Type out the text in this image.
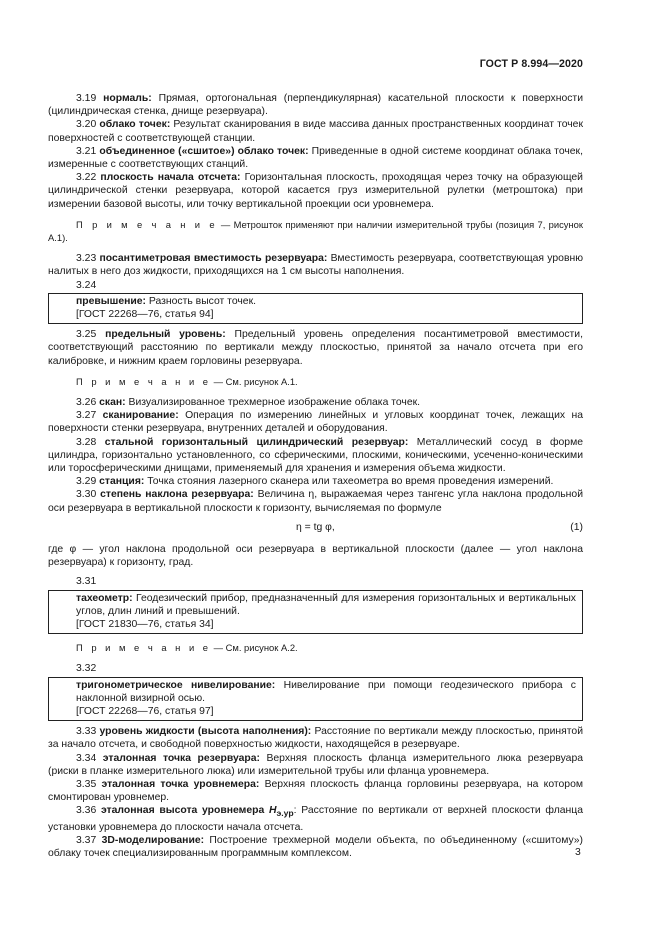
ГОСТ Р 8.994—2020

3.19 нормаль: Прямая, ортогональная (перпендикулярная) касательной плоскости к поверхности (цилиндрическая стенка, днище резервуара).

3.20 облако точек: Результат сканирования в виде массива данных пространственных координат точек поверхностей с соответствующей станции.

3.21 объединенное («сшитое») облако точек: Приведенные в одной системе координат облака точек, измеренные с соответствующих станций.

3.22 плоскость начала отсчета: Горизонтальная плоскость, проходящая через точку на образующей цилиндрической стенки резервуара, которой касается груз измерительной рулетки (метроштока) при измерении базовой высоты, или точку вертикальной проекции оси уровнемера.

П р и м е ч а н и е — Метрошток применяют при наличии измерительной трубы (позиция 7, рисунок А.1).

3.23 посантиметровая вместимость резервуара: Вместимость резервуара, соответствующая уровню налитых в него доз жидкости, приходящихся на 1 см высоты наполнения.

3.24

превышение: Разность высот точек.

[ГОСТ 22268—76, статья 94]

3.25 предельный уровень: Предельный уровень определения посантиметровой вместимости, соответствующий расстоянию по вертикали между плоскостью, принятой за начало отсчета при его калибровке, и нижним краем горловины резервуара.

П р и м е ч а н и е — См. рисунок А.1.

3.26 скан: Визуализированное трехмерное изображение облака точек.

3.27 сканирование: Операция по измерению линейных и угловых координат точек, лежащих на поверхности стенки резервуара, внутренних деталей и оборудования.

3.28 стальной горизонтальный цилиндрический резервуар: Металлический сосуд в форме цилиндра, горизонтально установленного, со сферическими, плоскими, коническими, усеченно-коническими или торосферическими днищами, применяемый для хранения и измерения объема жидкости.

3.29 станция: Точка стояния лазерного сканера или тахеометра во время проведения измерений.

3.30 степень наклона резервуара: Величина η, выражаемая через тангенс угла наклона продольной оси резервуара в вертикальной плоскости к горизонту, вычисляемая по формуле

η = tg φ,	(1)

где φ — угол наклона продольной оси резервуара в вертикальной плоскости (далее — угол наклона резервуара) к горизонту, град.

3.31

тахеометр: Геодезический прибор, предназначенный для измерения горизонтальных и вертикальных углов, длин линий и превышений.

[ГОСТ 21830—76, статья 34]

П р и м е ч а н и е — См. рисунок А.2.

3.32

тригонометрическое нивелирование: Нивелирование при помощи геодезического прибора с наклонной визирной осью.

[ГОСТ 22268—76, статья 97]

3.33 уровень жидкости (высота наполнения): Расстояние по вертикали между плоскостью, принятой за начало отсчета, и свободной поверхностью жидкости, находящейся в резервуаре.

3.34 эталонная точка резервуара: Верхняя плоскость фланца измерительного люка резервуара (риски в планке измерительного люка) или измерительной трубы или фланца уровнемера.

3.35 эталонная точка уровнемера: Верхняя плоскость фланца горловины резервуара, на котором смонтирован уровнемер.

3.36 эталонная высота уровнемера $H_{э.ур}$: Расстояние по вертикали от верхней плоскости фланца установки уровнемера до плоскости начала отсчета.

3.37 3D-моделирование: Построение трехмерной модели объекта, по объединенному («сшитому») облаку точек специализированным программным комплексом.	3
